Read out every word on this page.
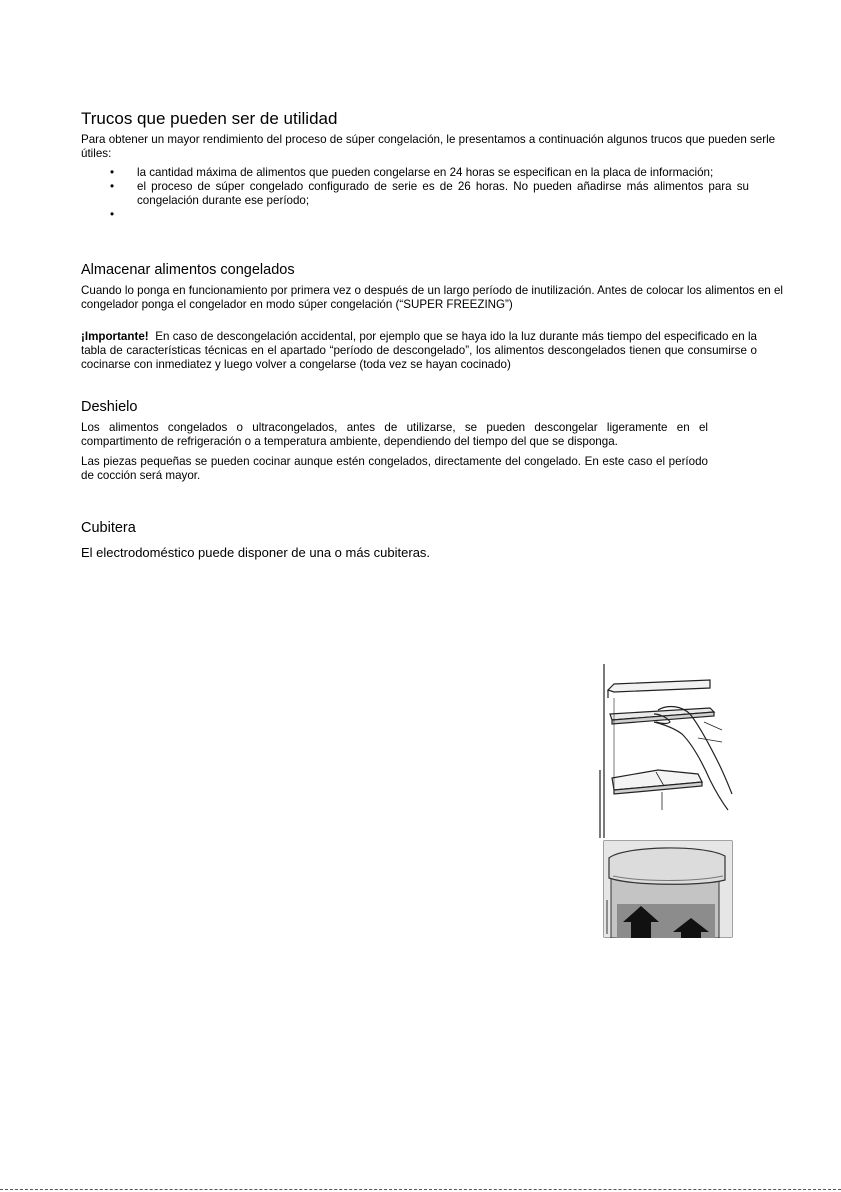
Trucos que pueden ser de utilidad

Para obtener un mayor rendimiento del proceso de súper congelación, le presentamos a continuación algunos trucos que pueden serle útiles:

• la cantidad máxima de alimentos que pueden congelarse en 24 horas se especifican en la placa de información;
• el proceso de súper congelado configurado de serie es de 26 horas. No pueden añadirse más alimentos para su congelación durante ese período;
•
Almacenar alimentos congelados

Cuando lo ponga en funcionamiento por primera vez o después de un largo período de inutilización. Antes de colocar los alimentos en el congelador ponga el congelador en modo súper congelación (“SUPER FREEZING”)

¡Importante! En caso de descongelación accidental, por ejemplo que se haya ido la luz durante más tiempo del especificado en la tabla de características técnicas en el apartado “período de descongelado”, los alimentos descongelados tienen que consumirse o cocinarse con inmediatez y luego volver a congelarse (toda vez se hayan cocinado)

Deshielo

Los alimentos congelados o ultracongelados, antes de utilizarse, se pueden descongelar ligeramente en el compartimento de refrigeración o a temperatura ambiente, dependiendo del tiempo del que se disponga.

Las piezas pequeñas se pueden cocinar aunque estén congelados, directamente del congelado. En este caso el período de cocción será mayor.

Cubitera
El electrodoméstico puede disponer de una o más cubiteras.
